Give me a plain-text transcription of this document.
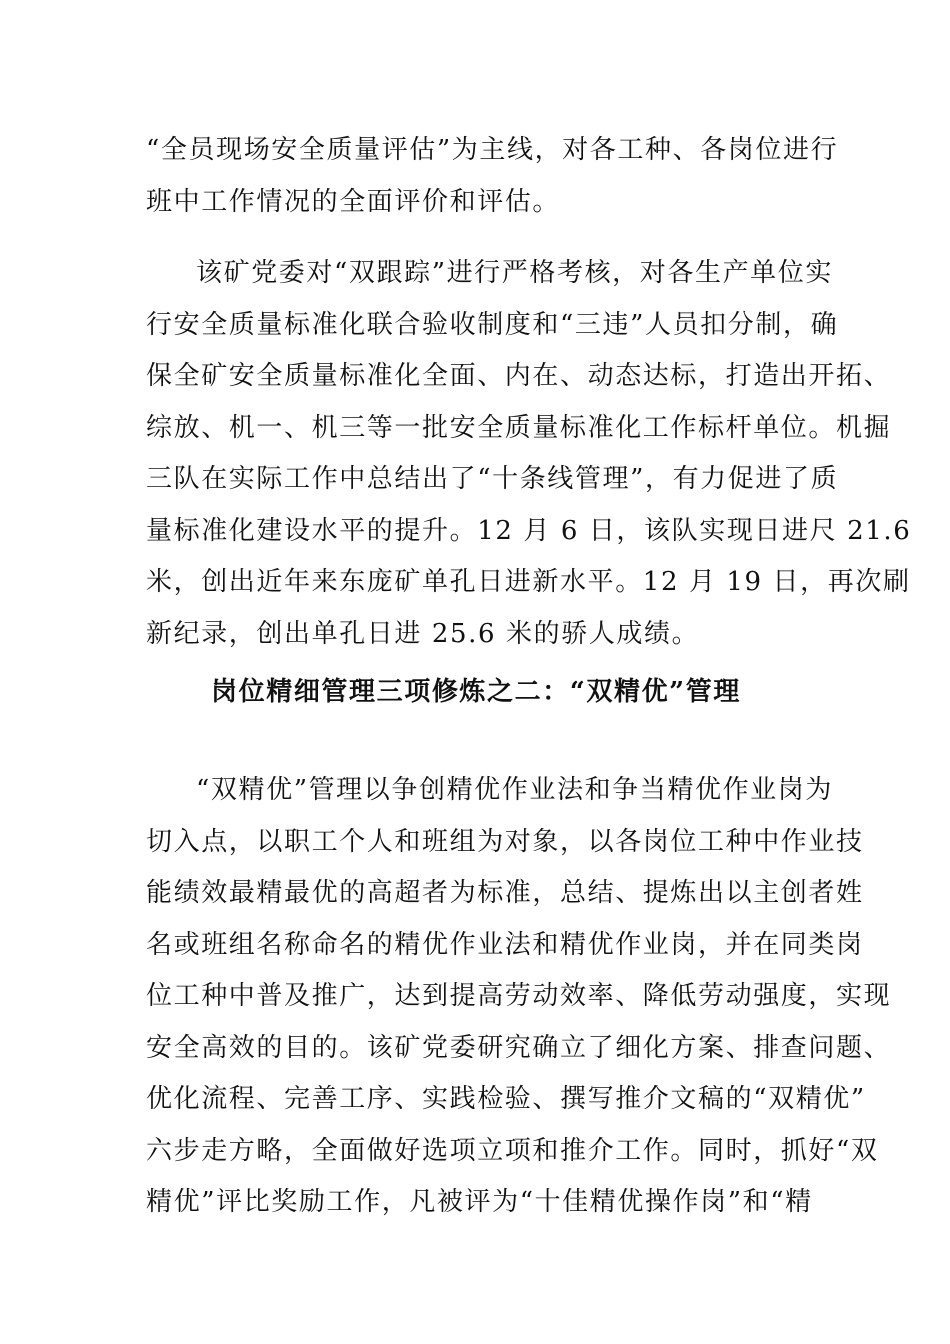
“全员现场安全质量评估”为主线，对各工种、各岗位进行
班中工作情况的全面评价和评估。
该矿党委对“双跟踪”进行严格考核，对各生产单位实
行安全质量标准化联合验收制度和“三违”人员扣分制，确
保全矿安全质量标准化全面、内在、动态达标，打造出开拓、
综放、机一、机三等一批安全质量标准化工作标杆单位。机掘
三队在实际工作中总结出了“十条线管理”，有力促进了质
量标准化建设水平的提升。12 月 6 日，该队实现日进尺 21.6
米，创出近年来东庞矿单孔日进新水平。12 月 19 日，再次刷
新纪录，创出单孔日进 25.6 米的骄人成绩。
岗位精细管理三项修炼之二：“双精优”管理
“双精优”管理以争创精优作业法和争当精优作业岗为
切入点，以职工个人和班组为对象，以各岗位工种中作业技
能绩效最精最优的高超者为标准，总结、提炼出以主创者姓
名或班组名称命名的精优作业法和精优作业岗，并在同类岗
位工种中普及推广，达到提高劳动效率、降低劳动强度，实现
安全高效的目的。该矿党委研究确立了细化方案、排查问题、
优化流程、完善工序、实践检验、撰写推介文稿的“双精优”
六步走方略，全面做好选项立项和推介工作。同时，抓好“双
精优”评比奖励工作，凡被评为“十佳精优操作岗”和“精
